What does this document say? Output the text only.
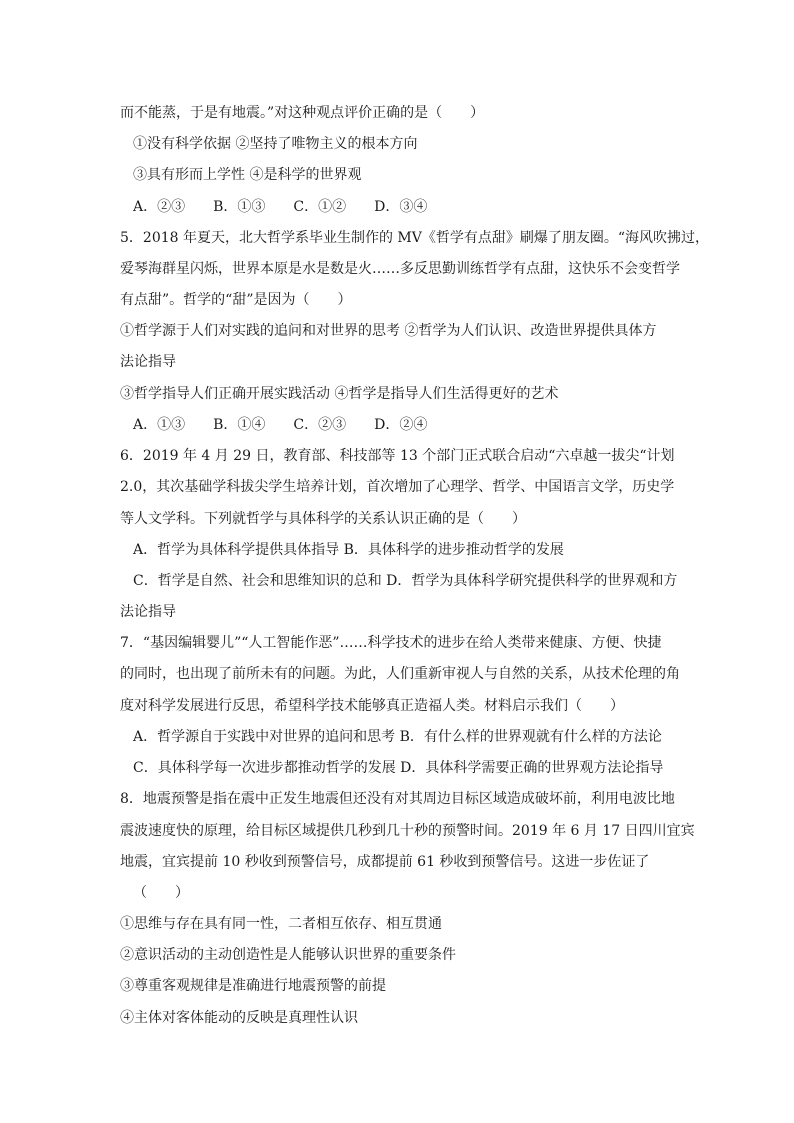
而不能蒸，于是有地震。”对这种观点评价正确的是（　　）
①没有科学依据 ②坚持了唯物主义的根本方向
③具有形而上学性 ④是科学的世界观
A．②③　　B．①③　　C．①②　　D．③④
5．2018 年夏天，北大哲学系毕业生制作的 MV《哲学有点甜》刷爆了朋友圈。“海风吹拂过，
爱琴海群星闪烁，世界本原是水是数是火……多反思勤训练哲学有点甜，这快乐不会变哲学
有点甜”。哲学的“甜”是因为（　　）
①哲学源于人们对实践的追问和对世界的思考 ②哲学为人们认识、改造世界提供具体方
法论指导
③哲学指导人们正确开展实践活动 ④哲学是指导人们生活得更好的艺术
A．①③　　B．①④　　C．②③　　D．②④
6．2019 年 4 月 29 日，教育部、科技部等 13 个部门正式联合启动“六卓越一拔尖“计划
2.0，其次基础学科拔尖学生培养计划，首次增加了心理学、哲学、中国语言文学，历史学
等人文学科。下列就哲学与具体科学的关系认识正确的是（　　）
A．哲学为具体科学提供具体指导 B．具体科学的进步推动哲学的发展
C．哲学是自然、社会和思维知识的总和 D．哲学为具体科学研究提供科学的世界观和方
法论指导
7．“基因编辑婴儿”“人工智能作恶”……科学技术的进步在给人类带来健康、方便、快捷
的同时，也出现了前所未有的问题。为此，人们重新审视人与自然的关系，从技术伦理的角
度对科学发展进行反思，希望科学技术能够真正造福人类。材料启示我们（　　）
A．哲学源自于实践中对世界的追问和思考 B．有什么样的世界观就有什么样的方法论
C．具体科学每一次进步都推动哲学的发展 D．具体科学需要正确的世界观方法论指导
8．地震预警是指在震中正发生地震但还没有对其周边目标区域造成破坏前，利用电波比地
震波速度快的原理，给目标区域提供几秒到几十秒的预警时间。2019 年 6 月 17 日四川宜宾
地震，宜宾提前 10 秒收到预警信号，成都提前 61 秒收到预警信号。这进一步佐证了
（　　）
①思维与存在具有同一性，二者相互依存、相互贯通
②意识活动的主动创造性是人能够认识世界的重要条件
③尊重客观规律是准确进行地震预警的前提
④主体对客体能动的反映是真理性认识
